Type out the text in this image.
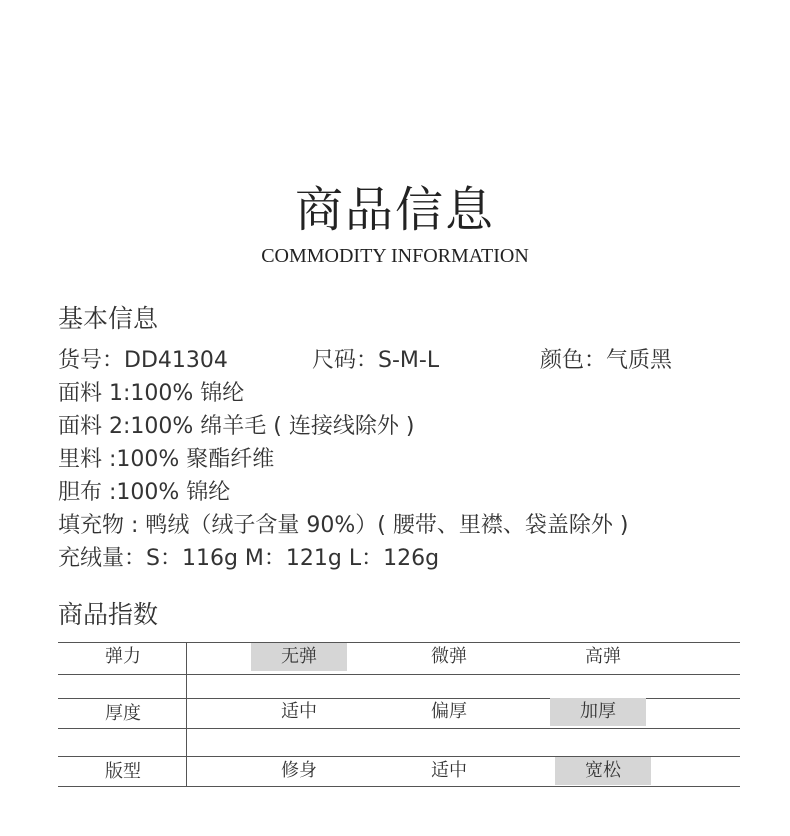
商品信息
COMMODITY INFORMATION
基本信息
货号：DD41304	尺码：S-M-L	颜色：气质黑
面料 1:100% 锦纶
面料 2:100% 绵羊毛 ( 连接线除外 )
里料 :100% 聚酯纤维
胆布 :100% 锦纶
填充物 : 鸭绒（绒子含量 90%）( 腰带、里襟、袋盖除外 )
充绒量：S：116g M：121g L：126g
商品指数
弹力	无弹	微弹	高弹
厚度	适中	偏厚	加厚
版型	修身	适中	宽松
